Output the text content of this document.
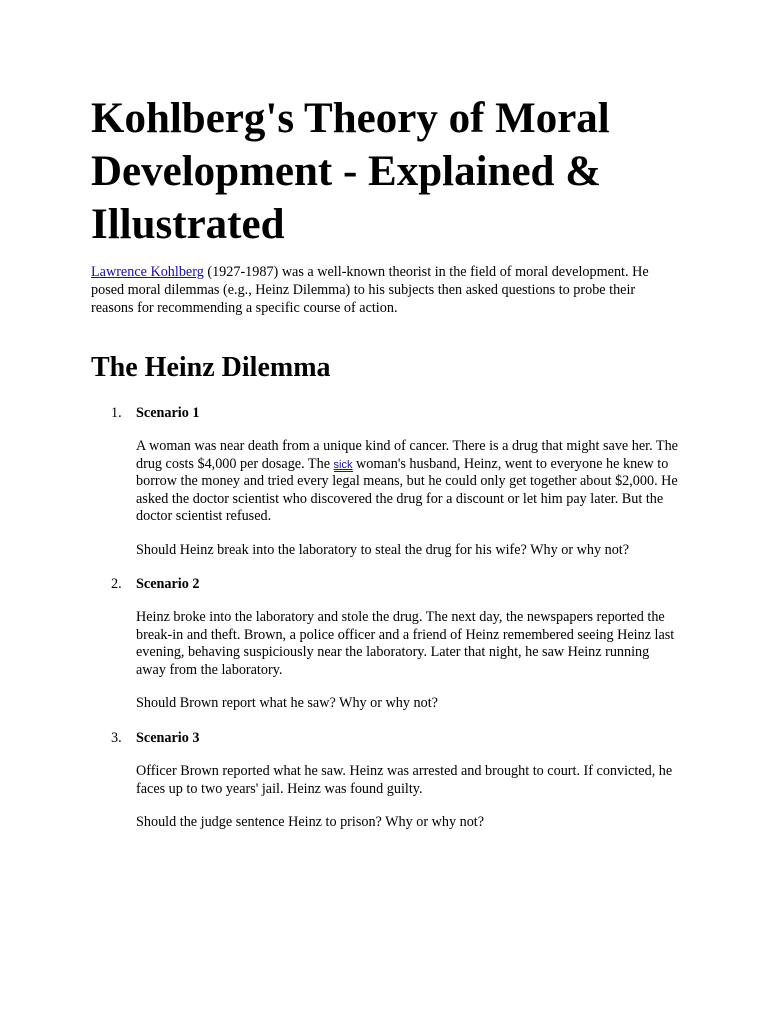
Kohlberg's Theory of Moral Development - Explained & Illustrated

Lawrence Kohlberg (1927-1987) was a well-known theorist in the field of moral development. He posed moral dilemmas (e.g., Heinz Dilemma) to his subjects then asked questions to probe their reasons for recommending a specific course of action.

The Heinz Dilemma
1. Scenario 1

A woman was near death from a unique kind of cancer. There is a drug that might save her. The drug costs $4,000 per dosage. The sick woman's husband, Heinz, went to everyone he knew to borrow the money and tried every legal means, but he could only get together about $2,000. He asked the doctor scientist who discovered the drug for a discount or let him pay later. But the doctor scientist refused.

Should Heinz break into the laboratory to steal the drug for his wife? Why or why not?

2. Scenario 2

Heinz broke into the laboratory and stole the drug. The next day, the newspapers reported the break-in and theft. Brown, a police officer and a friend of Heinz remembered seeing Heinz last evening, behaving suspiciously near the laboratory. Later that night, he saw Heinz running away from the laboratory.

Should Brown report what he saw? Why or why not?

3. Scenario 3

Officer Brown reported what he saw. Heinz was arrested and brought to court. If convicted, he faces up to two years' jail. Heinz was found guilty.

Should the judge sentence Heinz to prison? Why or why not?
